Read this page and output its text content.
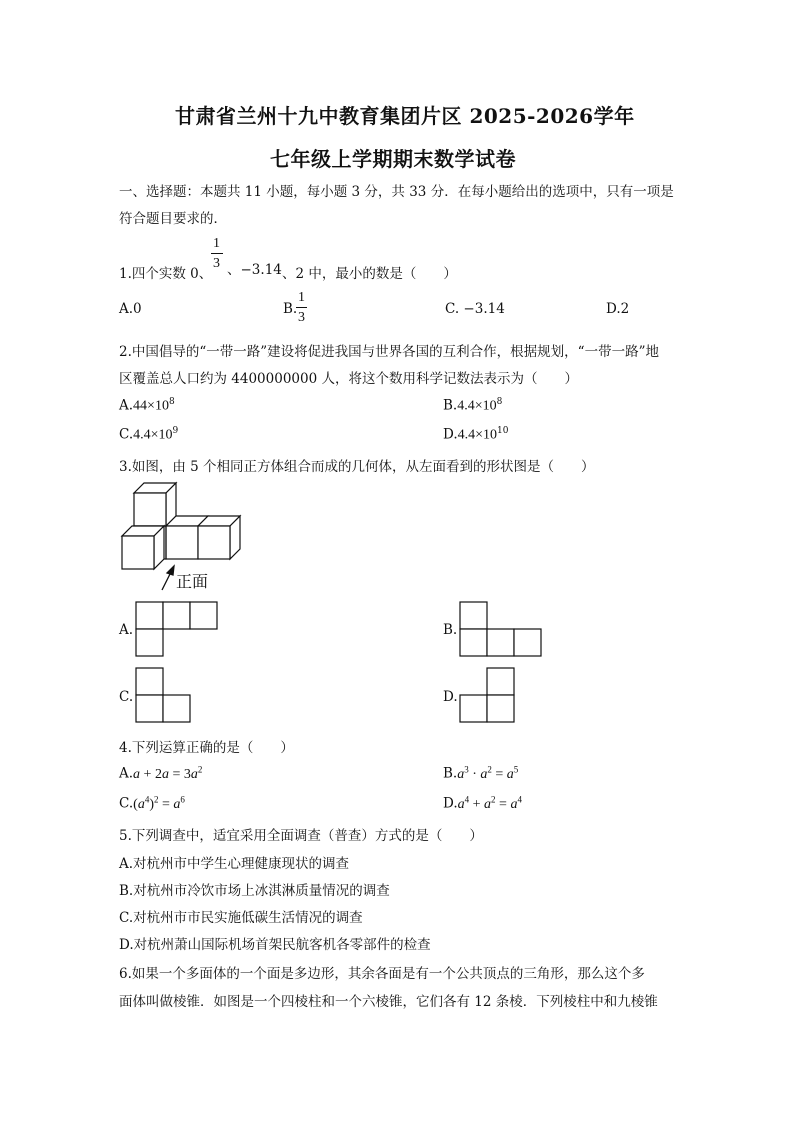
甘肃省兰州十九中教育集团片区 2025-2026学年
七年级上学期期末数学试卷
一、选择题：本题共 11 小题，每小题 3 分，共 33 分．在每小题给出的选项中，只有一项是
符合题目要求的．
1
3
1.四个实数 0、 、−3.14 、2 中，最小的数是（　　）
A.0	B.
1
3
C. −3.14	D.2
2.中国倡导的“一带一路”建设将促进我国与世界各国的互利合作，根据规划，“一带一路”地
区覆盖总人口约为 4400000000 人，将这个数用科学记数法表示为（　　）
$A.44\times 10^8$	$B.4.4\times 10^8$
$C.4.4\times 10^9$	$D.4.4\times 10^{10}$
3.如图，由 5 个相同正方体组合而成的几何体，从左面看到的形状图是（　　）
正面
A.	B.
C.	D.
4.下列运算正确的是（　　）
$A.a + 2a = 3a^2$	$B.a^3 \cdot a^2 = a^5$
$C.(a^4)^2 = a^6$	$D.a^4 + a^2 = a^4$
5.下列调查中，适宜采用全面调查（普查）方式的是（　　）
A.对杭州市中学生心理健康现状的调查
B.对杭州市冷饮市场上冰淇淋质量情况的调查
C.对杭州市市民实施低碳生活情况的调查
D.对杭州萧山国际机场首架民航客机各零部件的检查
6.如果一个多面体的一个面是多边形，其余各面是有一个公共顶点的三角形，那么这个多
面体叫做棱锥．如图是一个四棱柱和一个六棱锥，它们各有 12 条棱．下列棱柱中和九棱锥
